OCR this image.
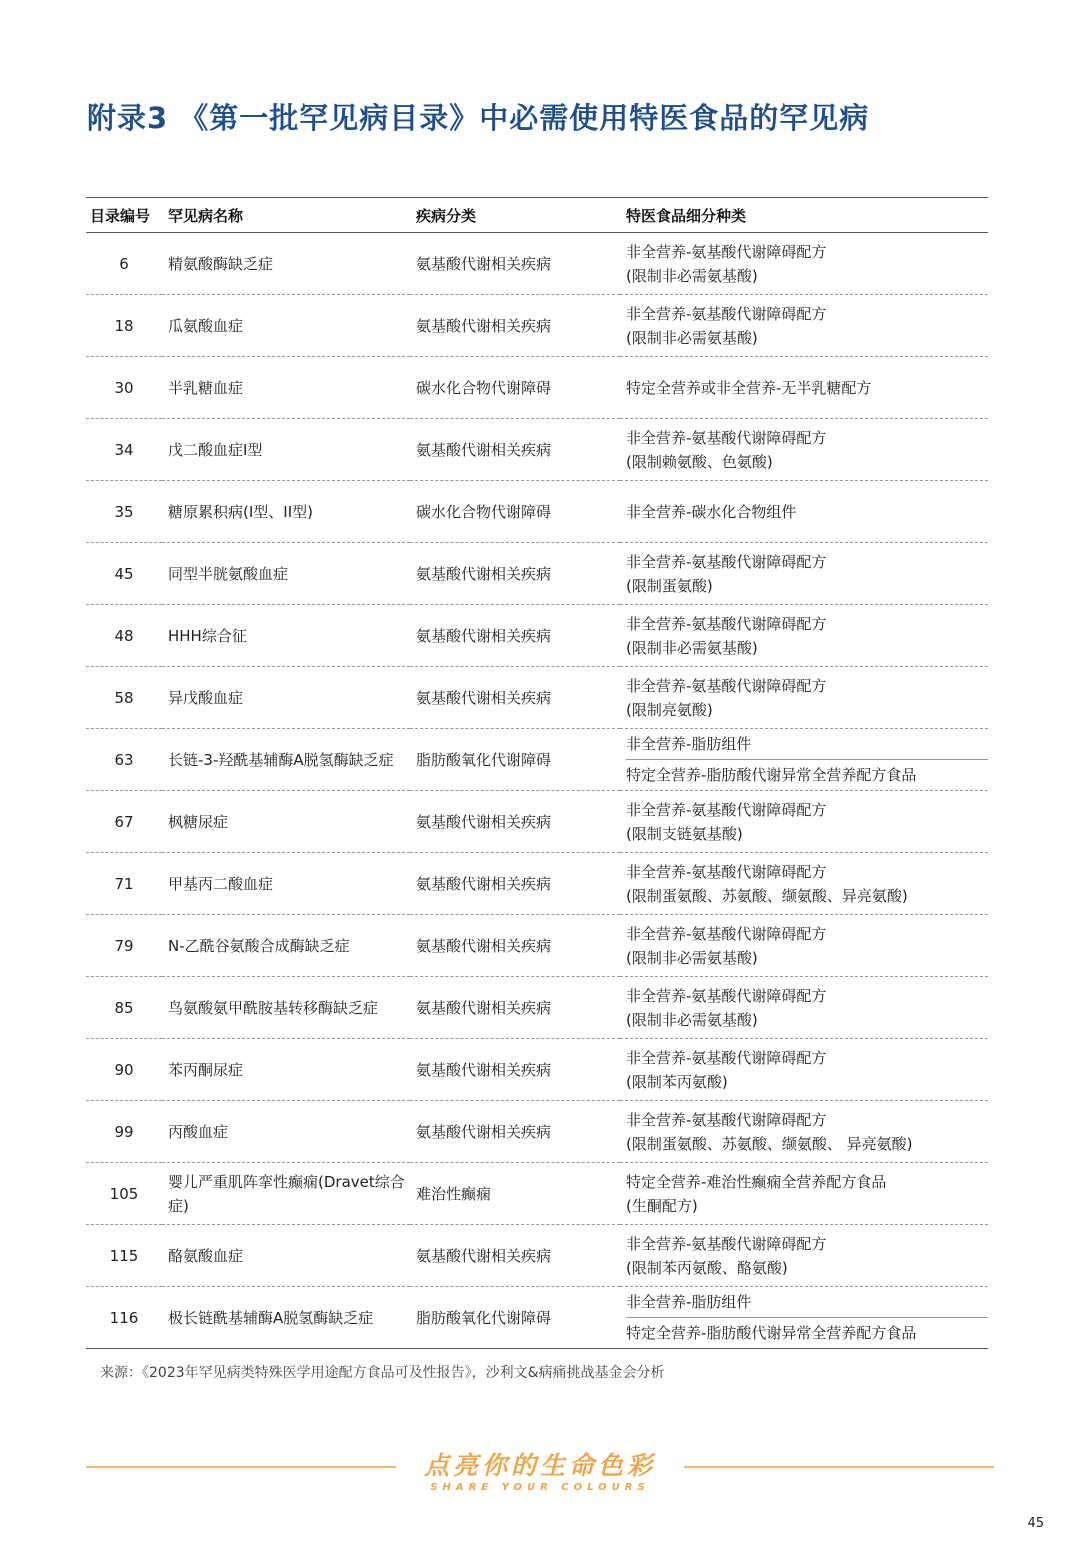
附录3 《第一批罕见病目录》中必需使用特医食品的罕见病
目录编号	罕见病名称	疾病分类	特医食品细分种类
6	精氨酸酶缺乏症	氨基酸代谢相关疾病	非全营养-氨基酸代谢障碍配方
(限制非必需氨基酸)

18	瓜氨酸血症	氨基酸代谢相关疾病	非全营养-氨基酸代谢障碍配方
(限制非必需氨基酸)

30	半乳糖血症	碳水化合物代谢障碍	特定全营养或非全营养-无半乳糖配方

34	戊二酸血症I型	氨基酸代谢相关疾病	非全营养-氨基酸代谢障碍配方
(限制赖氨酸、色氨酸)

35	糖原累积病(I型、II型)	碳水化合物代谢障碍	非全营养-碳水化合物组件

45	同型半胱氨酸血症	氨基酸代谢相关疾病	非全营养-氨基酸代谢障碍配方
(限制蛋氨酸)

48	HHH综合征	氨基酸代谢相关疾病	非全营养-氨基酸代谢障碍配方
(限制非必需氨基酸)

58	异戊酸血症	氨基酸代谢相关疾病	非全营养-氨基酸代谢障碍配方
(限制亮氨酸)

63	长链-3-羟酰基辅酶A脱氢酶缺乏症	脂肪酸氧化代谢障碍	非全营养-脂肪组件
特定全营养-脂肪酸代谢异常全营养配方食品

67	枫糖尿症	氨基酸代谢相关疾病	非全营养-氨基酸代谢障碍配方
(限制支链氨基酸)

71	甲基丙二酸血症	氨基酸代谢相关疾病	非全营养-氨基酸代谢障碍配方
(限制蛋氨酸、苏氨酸、缬氨酸、异亮氨酸)

79	N-乙酰谷氨酸合成酶缺乏症	氨基酸代谢相关疾病	非全营养-氨基酸代谢障碍配方
(限制非必需氨基酸)

85	鸟氨酸氨甲酰胺基转移酶缺乏症	氨基酸代谢相关疾病	非全营养-氨基酸代谢障碍配方
(限制非必需氨基酸)

90	苯丙酮尿症	氨基酸代谢相关疾病	非全营养-氨基酸代谢障碍配方
(限制苯丙氨酸)

99	丙酸血症	氨基酸代谢相关疾病	非全营养-氨基酸代谢障碍配方
(限制蛋氨酸、苏氨酸、缬氨酸、 异亮氨酸)

105	婴儿严重肌阵挛性癫痫(Dravet综合症)	难治性癫痫	特定全营养-难治性癫痫全营养配方食品
(生酮配方)

115	酪氨酸血症	氨基酸代谢相关疾病	非全营养-氨基酸代谢障碍配方
(限制苯丙氨酸、酪氨酸)

116	极长链酰基辅酶A脱氢酶缺乏症	脂肪酸氧化代谢障碍	非全营养-脂肪组件
特定全营养-脂肪酸代谢异常全营养配方食品
来源：《2023年罕见病类特殊医学用途配方食品可及性报告》，沙利文&病痛挑战基金会分析
点亮你的生命色彩
SHARE YOUR COLOURS
45
